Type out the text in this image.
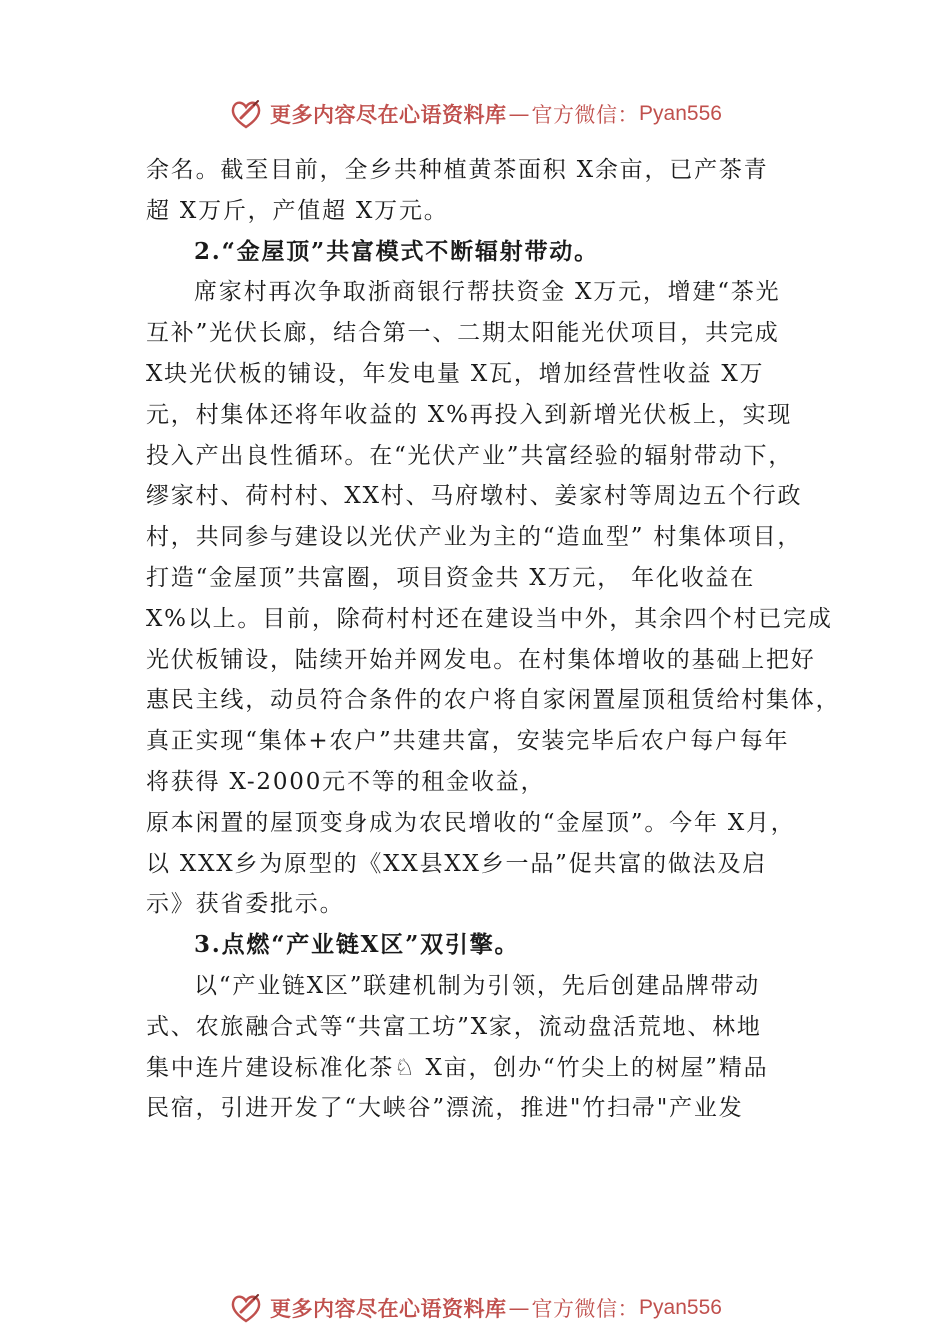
更多内容尽在心语资料库 — 官方微信： Pyan556
余名。截至目前，全乡共种植黄茶面积 X余亩，已产茶青
超 X万斤，产值超 X万元。
2.“金屋顶”共富模式不断辐射带动。
席家村再次争取浙商银行帮扶资金 X万元，增建“茶光
互补”光伏长廊，结合第一、二期太阳能光伏项目，共完成
X块光伏板的铺设，年发电量 X瓦，增加经营性收益 X万
元，村集体还将年收益的 X%再投入到新增光伏板上，实现
投入产出良性循环。在“光伏产业”共富经验的辐射带动下，
缪家村、荷村村、XX村、马府墩村、姜家村等周边五个行政
村，共同参与建设以光伏产业为主的“造血型” 村集体项目，
打造“金屋顶”共富圈，项目资金共 X万元， 年化收益在
X%以上。目前，除荷村村还在建设当中外，其余四个村已完成
光伏板铺设，陆续开始并网发电。在村集体增收的基础上把好
惠民主线，动员符合条件的农户将自家闲置屋顶租赁给村集体，
真正实现“集体+农户”共建共富，安装完毕后农户每户每年
将获得 X-2000元不等的租金收益，
原本闲置的屋顶变身成为农民增收的“金屋顶”。今年 X月，
以 XXX乡为原型的《XX县XX乡一品”促共富的做法及启
示》获省委批示。
3.点燃“产业链X区”双引擎。
以“产业链X区”联建机制为引领，先后创建品牌带动
式、农旅融合式等“共富工坊”X家，流动盘活荒地、林地
集中连片建设标准化茶♘ X亩，创办“竹尖上的树屋”精品
民宿，引进开发了“大峡谷”漂流，推进"竹扫帚"产业发
更多内容尽在心语资料库 — 官方微信： Pyan556
